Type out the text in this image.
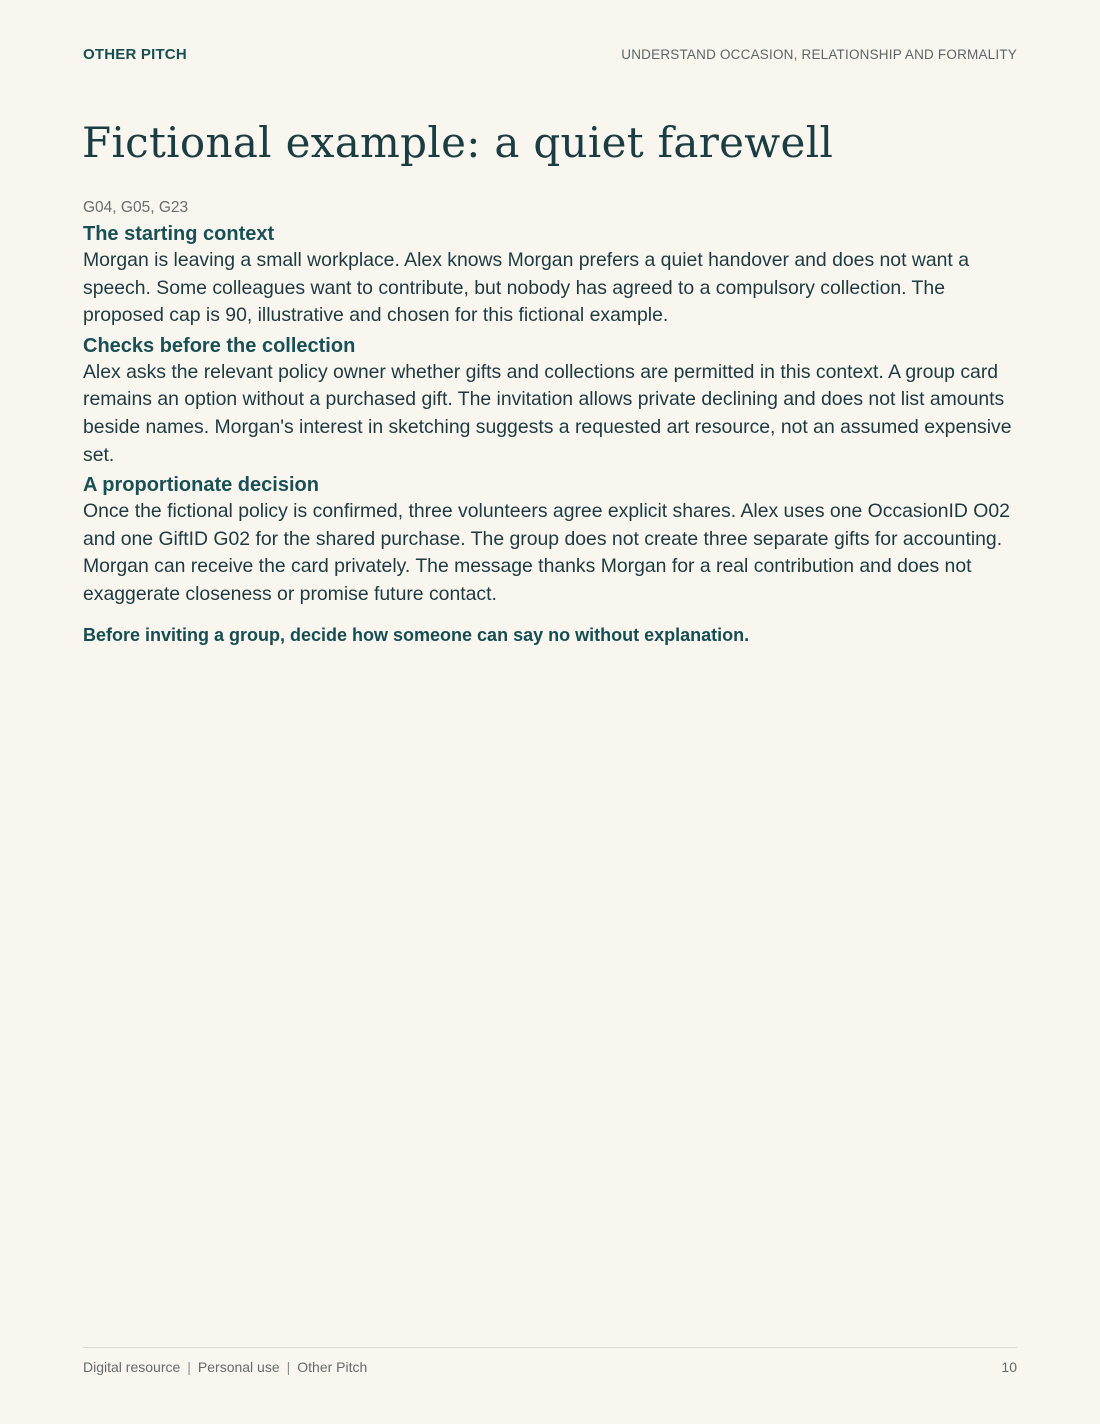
OTHER PITCH	UNDERSTAND OCCASION, RELATIONSHIP AND FORMALITY
Fictional example: a quiet farewell

G04, G05, G23

The starting context

Morgan is leaving a small workplace. Alex knows Morgan prefers a quiet handover and does not want a speech. Some colleagues want to contribute, but nobody has agreed to a compulsory collection. The proposed cap is 90, illustrative and chosen for this fictional example.

Checks before the collection

Alex asks the relevant policy owner whether gifts and collections are permitted in this context. A group card remains an option without a purchased gift. The invitation allows private declining and does not list amounts beside names. Morgan's interest in sketching suggests a requested art resource, not an assumed expensive set.

A proportionate decision

Once the fictional policy is confirmed, three volunteers agree explicit shares. Alex uses one OccasionID O02 and one GiftID G02 for the shared purchase. The group does not create three separate gifts for accounting. Morgan can receive the card privately. The message thanks Morgan for a real contribution and does not exaggerate closeness or promise future contact.

Before inviting a group, decide how someone can say no without explanation.
Digital resource | Personal use | Other Pitch	10
